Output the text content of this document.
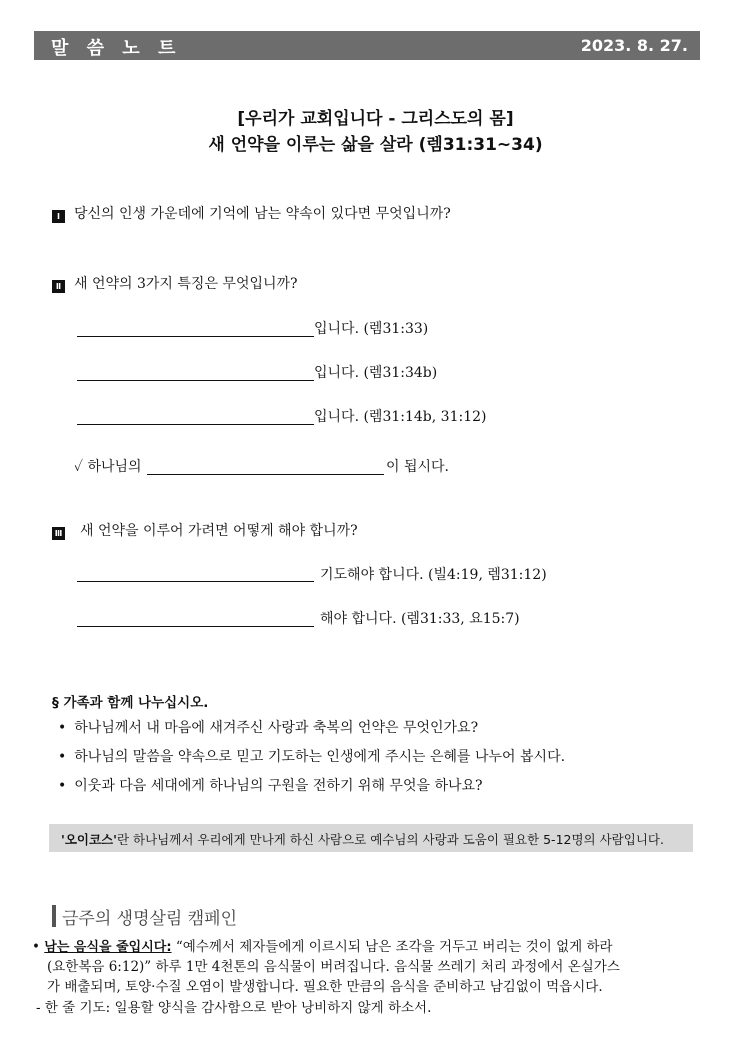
말 씀 노 트	2023. 8. 27.
[우리가 교회입니다 - 그리스도의 몸]
새 언약을 이루는 삶을 살라 (렘31:31~34)
Ⅰ 당신의 인생 가운데에 기억에 남는 약속이 있다면 무엇입니까?
Ⅱ 새 언약의 3가지 특징은 무엇입니까?
입니다. (렘31:33)
입니다. (렘31:34b)
입니다. (렘31:14b, 31:12)
✓ 하나님의	이 됩시다.
Ⅲ 새 언약을 이루어 가려면 어떻게 해야 합니까?
기도해야 합니다. (빌4:19, 렘31:12)
해야 합니다. (렘31:33, 요15:7)
§ 가족과 함께 나누십시오.
• 하나님께서 내 마음에 새겨주신 사랑과 축복의 언약은 무엇인가요?
• 하나님의 말씀을 약속으로 믿고 기도하는 인생에게 주시는 은혜를 나누어 봅시다.
• 이웃과 다음 세대에게 하나님의 구원을 전하기 위해 무엇을 하나요?
'오이코스'란 하나님께서 우리에게 만나게 하신 사람으로 예수님의 사랑과 도움이 필요한 5-12명의 사람입니다.
금주의 생명살림 캠페인
• 남는 음식을 줄입시다: “예수께서 제자들에게 이르시되 남은 조각을 거두고 버리는 것이 없게 하라
(요한복음 6:12)” 하루 1만 4천톤의 음식물이 버려집니다. 음식물 쓰레기 처리 과정에서 온실가스
가 배출되며, 토양·수질 오염이 발생합니다. 필요한 만큼의 음식을 준비하고 남김없이 먹읍시다.
- 한 줄 기도: 일용할 양식을 감사함으로 받아 낭비하지 않게 하소서.
